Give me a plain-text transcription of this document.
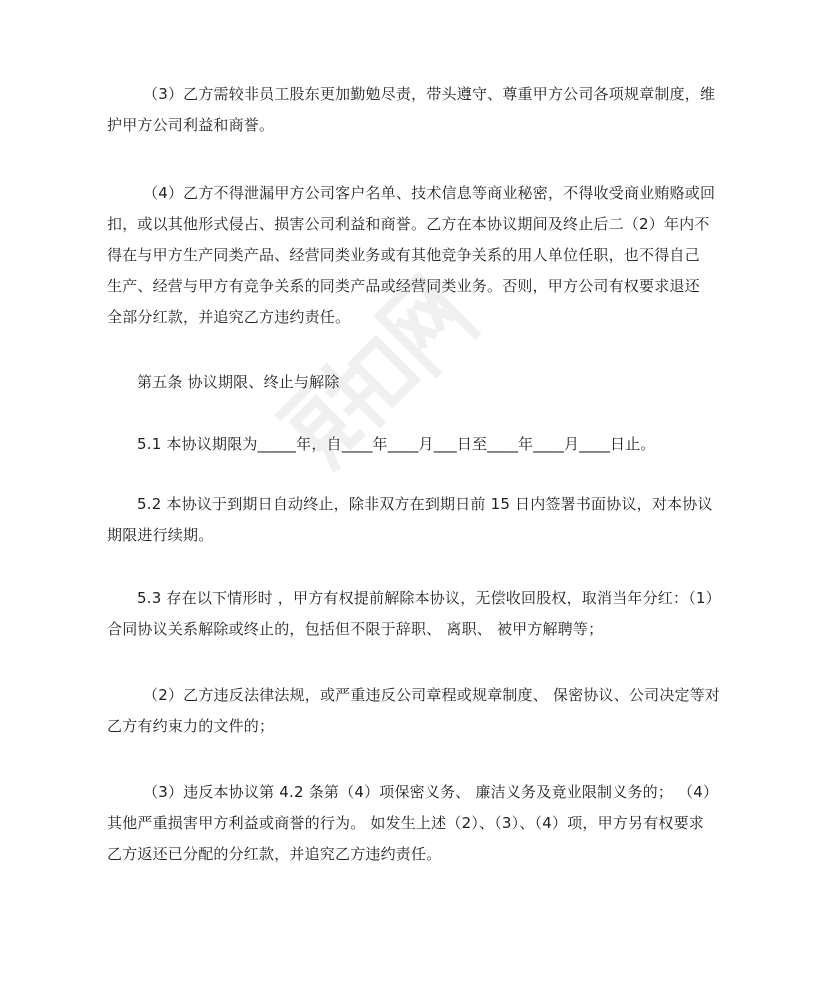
（3）乙方需较非员工股东更加勤勉尽责，带头遵守、尊重甲方公司各项规章制度，维
护甲方公司利益和商誉。

（4）乙方不得泄漏甲方公司客户名单、技术信息等商业秘密，不得收受商业贿赂或回
扣，或以其他形式侵占、损害公司利益和商誉。乙方在本协议期间及终止后二（2）年内不
得在与甲方生产同类产品、经营同类业务或有其他竞争关系的用人单位任职，也不得自己
生产、经营与甲方有竞争关系的同类产品或经营同类业务。否则，甲方公司有权要求退还
全部分红款，并追究乙方违约责任。

第五条 协议期限、终止与解除

5.1 本协议期限为_____年，自____年____月___日至____年____月____日止。

5.2 本协议于到期日自动终止，除非双方在到期日前 15 日内签署书面协议，对本协议
期限进行续期。

5.3 存在以下情形时 ，甲方有权提前解除本协议，无偿收回股权，取消当年分红：（1）
合同协议关系解除或终止的，包括但不限于辞职、 离职、 被甲方解聘等；

（2）乙方违反法律法规，或严重违反公司章程或规章制度、 保密协议、公司决定等对
乙方有约束力的文件的；

（3）违反本协议第 4.2 条第（4）项保密义务、 廉洁义务及竟业限制义务的； （4）
其他严重损害甲方利益或商誉的行为。 如发生上述（2）、（3）、（4）项，甲方另有权要求
乙方返还已分配的分红款，并追究乙方违约责任。
